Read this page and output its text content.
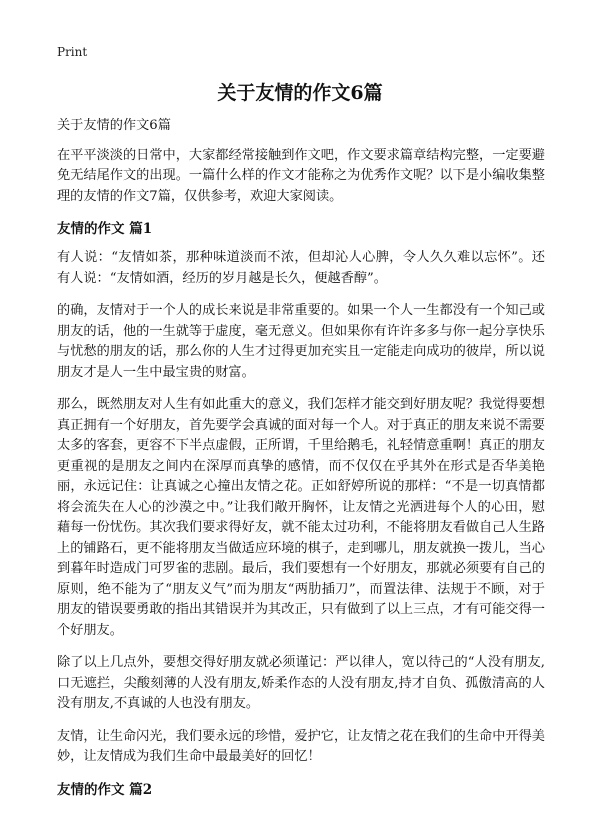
Print
关于友情的作文6篇

关于友情的作文6篇

在平平淡淡的日常中，大家都经常接触到作文吧，作文要求篇章结构完整，一定要避免无结尾作文的出现。一篇什么样的作文才能称之为优秀作文呢？以下是小编收集整理的友情的作文7篇，仅供参考，欢迎大家阅读。

友情的作文 篇1

有人说：“友情如茶，那种味道淡而不浓，但却沁人心脾，令人久久难以忘怀”。还有人说：“友情如酒，经历的岁月越是长久，便越香醇”。

的确，友情对于一个人的成长来说是非常重要的。如果一个人一生都没有一个知己或朋友的话，他的一生就等于虚度，毫无意义。但如果你有许许多多与你一起分享快乐与忧愁的朋友的话，那么你的人生才过得更加充实且一定能走向成功的彼岸，所以说朋友才是人一生中最宝贵的财富。

那么，既然朋友对人生有如此重大的意义，我们怎样才能交到好朋友呢？我觉得要想真正拥有一个好朋友，首先要学会真诚的面对每一个人。对于真正的朋友来说不需要太多的客套，更容不下半点虚假，正所谓，千里给鹅毛，礼轻情意重啊！真正的朋友更重视的是朋友之间内在深厚而真挚的感情，而不仅仅在乎其外在形式是否华美艳丽，永远记住：让真诚之心撞出友情之花。正如舒婷所说的那样：“不是一切真情都将会流失在人心的沙漠之中。”让我们敞开胸怀，让友情之光洒进每个人的心田，慰藉每一份忧伤。其次我们要求得好友，就不能太过功利，不能将朋友看做自己人生路上的铺路石，更不能将朋友当做适应环境的棋子，走到哪儿，朋友就换一拨儿，当心到暮年时造成门可罗雀的悲剧。最后，我们要想有一个好朋友，那就必须要有自己的原则，绝不能为了“朋友义气”而为朋友“两肋插刀”，而置法律、法规于不顾，对于朋友的错误要勇敢的指出其错误并为其改正，只有做到了以上三点，才有可能交得一个好朋友。

除了以上几点外，要想交得好朋友就必须谨记：严以律人，宽以待己的“人没有朋友,口无遮拦，尖酸刻薄的人没有朋友,娇柔作态的人没有朋友,持才自负、孤傲清高的人没有朋友,不真诚的人也没有朋友。

友情，让生命闪光，我们要永远的珍惜，爱护它，让友情之花在我们的生命中开得美妙，让友情成为我们生命中最最美好的回忆！

友情的作文 篇2
